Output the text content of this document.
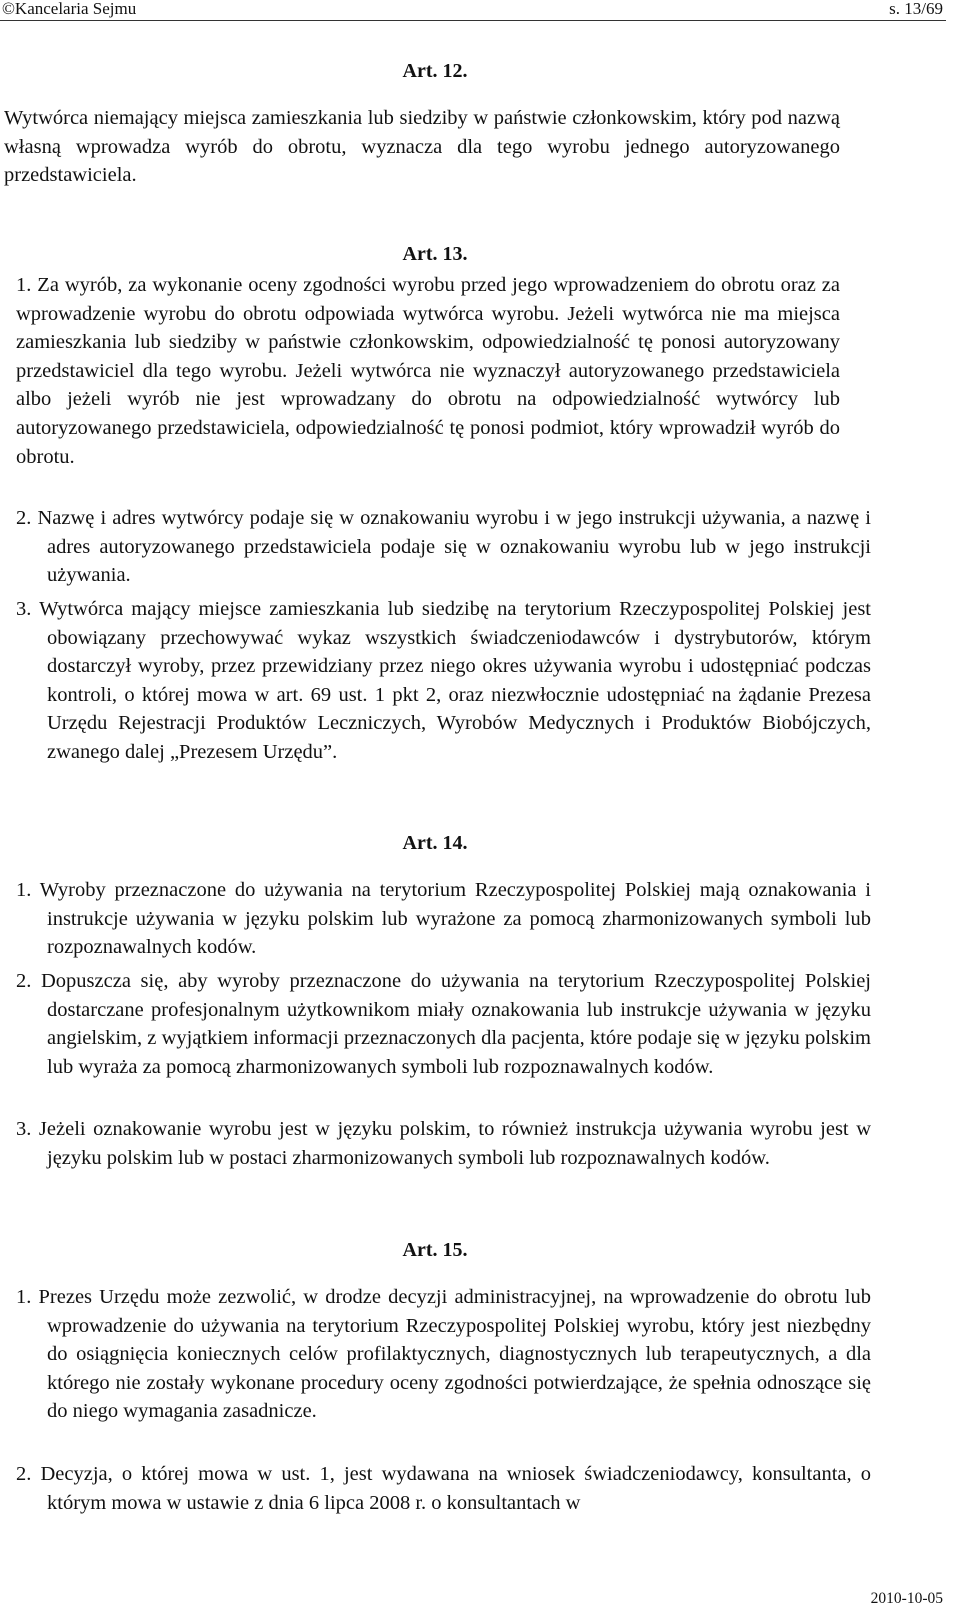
©Kancelaria Sejmu	s. 13/69
Art. 12.
Wytwórca niemający miejsca zamieszkania lub siedziby w państwie członkowskim, który pod nazwą własną wprowadza wyrób do obrotu, wyznacza dla tego wyrobu jednego autoryzowanego przedstawiciela.
Art. 13.
1. Za wyrób, za wykonanie oceny zgodności wyrobu przed jego wprowadzeniem do obrotu oraz za wprowadzenie wyrobu do obrotu odpowiada wytwórca wyrobu. Jeżeli wytwórca nie ma miejsca zamieszkania lub siedziby w państwie członkowskim, odpowiedzialność tę ponosi autoryzowany przedstawiciel dla tego wyrobu. Jeżeli wytwórca nie wyznaczył autoryzowanego przedstawiciela albo jeżeli wyrób nie jest wprowadzany do obrotu na odpowiedzialność wytwórcy lub autoryzowanego przedstawiciela, odpowiedzialność tę ponosi podmiot, który wprowadził wyrób do obrotu.
2. Nazwę i adres wytwórcy podaje się w oznakowaniu wyrobu i w jego instrukcji używania, a nazwę i adres autoryzowanego przedstawiciela podaje się w oznakowaniu wyrobu lub w jego instrukcji używania.
3. Wytwórca mający miejsce zamieszkania lub siedzibę na terytorium Rzeczypospolitej Polskiej jest obowiązany przechowywać wykaz wszystkich świadczeniodawców i dystrybutorów, którym dostarczył wyroby, przez przewidziany przez niego okres używania wyrobu i udostępniać podczas kontroli, o której mowa w art. 69 ust. 1 pkt 2, oraz niezwłocznie udostępniać na żądanie Prezesa Urzędu Rejestracji Produktów Leczniczych, Wyrobów Medycznych i Produktów Biobójczych, zwanego dalej „Prezesem Urzędu”.
Art. 14.
1. Wyroby przeznaczone do używania na terytorium Rzeczypospolitej Polskiej mają oznakowania i instrukcje używania w języku polskim lub wyrażone za pomocą zharmonizowanych symboli lub rozpoznawalnych kodów.
2. Dopuszcza się, aby wyroby przeznaczone do używania na terytorium Rzeczypospolitej Polskiej dostarczane profesjonalnym użytkownikom miały oznakowania lub instrukcje używania w języku angielskim, z wyjątkiem informacji przeznaczonych dla pacjenta, które podaje się w języku polskim lub wyraża za pomocą zharmonizowanych symboli lub rozpoznawalnych kodów.
3. Jeżeli oznakowanie wyrobu jest w języku polskim, to również instrukcja używania wyrobu jest w języku polskim lub w postaci zharmonizowanych symboli lub rozpoznawalnych kodów.
Art. 15.
1. Prezes Urzędu może zezwolić, w drodze decyzji administracyjnej, na wprowadzenie do obrotu lub wprowadzenie do używania na terytorium Rzeczypospolitej Polskiej wyrobu, który jest niezbędny do osiągnięcia koniecznych celów profilaktycznych, diagnostycznych lub terapeutycznych, a dla którego nie zostały wykonane procedury oceny zgodności potwierdzające, że spełnia odnoszące się do niego wymagania zasadnicze.
2. Decyzja, o której mowa w ust. 1, jest wydawana na wniosek świadczeniodawcy, konsultanta, o którym mowa w ustawie z dnia 6 lipca 2008 r. o konsultantach w
2010-10-05
